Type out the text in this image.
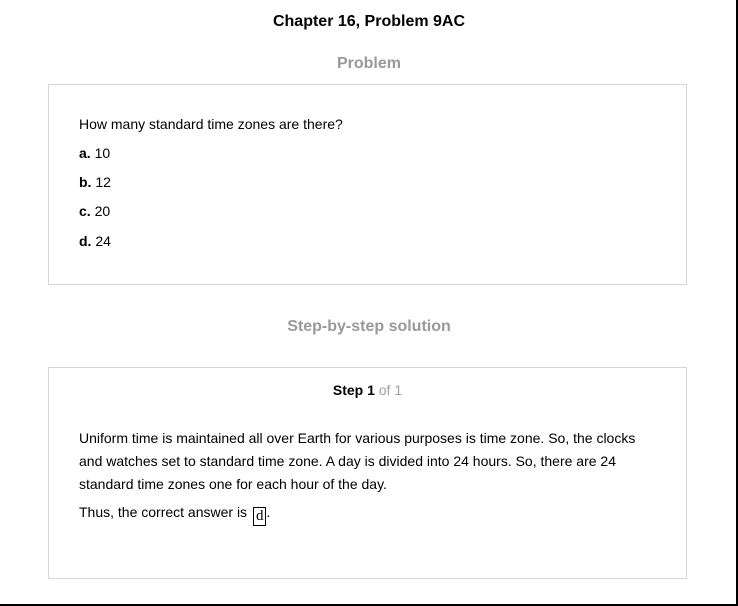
Chapter 16, Problem 9AC
Problem
How many standard time zones are there?
a. 10
b. 12
c. 20
d. 24
Step-by-step solution
Step 1 of 1
Uniform time is maintained all over Earth for various purposes is time zone. So, the clocks and watches set to standard time zone. A day is divided into 24 hours. So, there are 24 standard time zones one for each hour of the day.
Thus, the correct answer is d .
